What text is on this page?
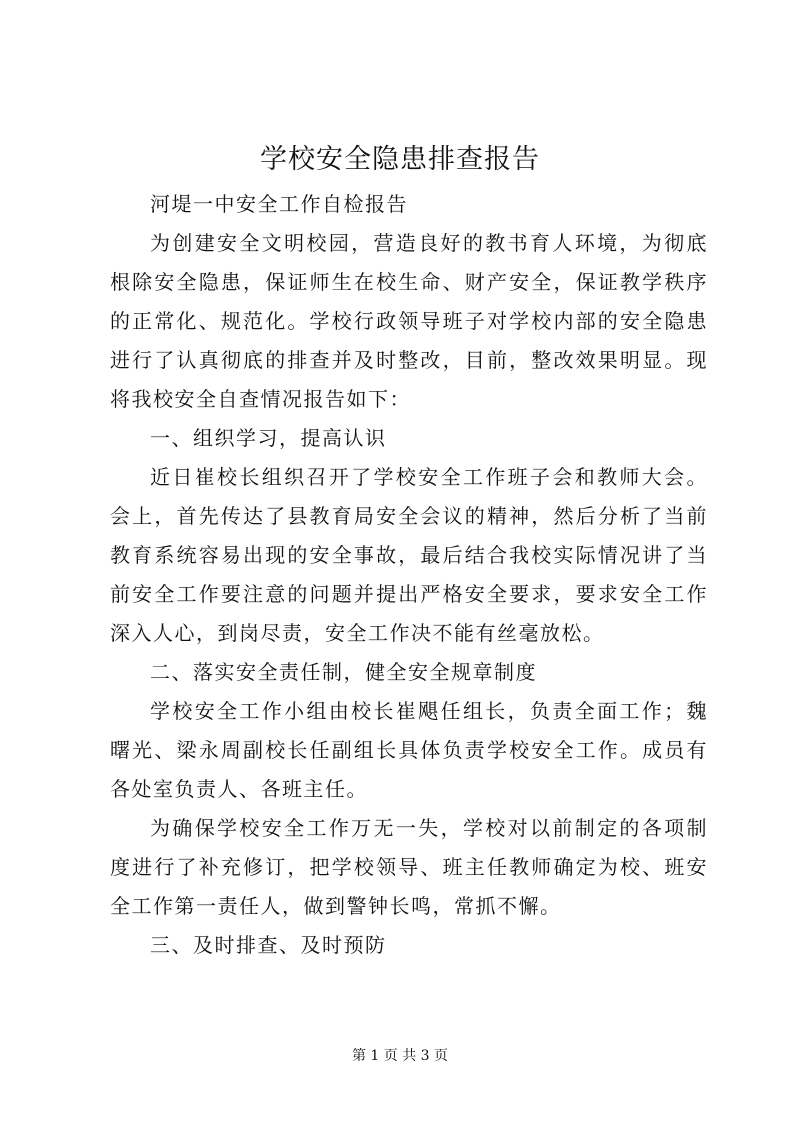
学校安全隐患排查报告

河堤一中安全工作自检报告

为创建安全文明校园，营造良好的教书育人环境，为彻底根除安全隐患，保证师生在校生命、财产安全，保证教学秩序的正常化、规范化。学校行政领导班子对学校内部的安全隐患进行了认真彻底的排查并及时整改，目前，整改效果明显。现将我校安全自查情况报告如下：

一、组织学习，提高认识

近日崔校长组织召开了学校安全工作班子会和教师大会。会上，首先传达了县教育局安全会议的精神，然后分析了当前教育系统容易出现的安全事故，最后结合我校实际情况讲了当前安全工作要注意的问题并提出严格安全要求，要求安全工作深入人心，到岗尽责，安全工作决不能有丝毫放松。

二、落实安全责任制，健全安全规章制度

学校安全工作小组由校长崔飓任组长，负责全面工作；魏曙光、梁永周副校长任副组长具体负责学校安全工作。成员有各处室负责人、各班主任。

为确保学校安全工作万无一失，学校对以前制定的各项制度进行了补充修订，把学校领导、班主任教师确定为校、班安全工作第一责任人，做到警钟长鸣，常抓不懈。

三、及时排查、及时预防

第 1 页 共 3 页
